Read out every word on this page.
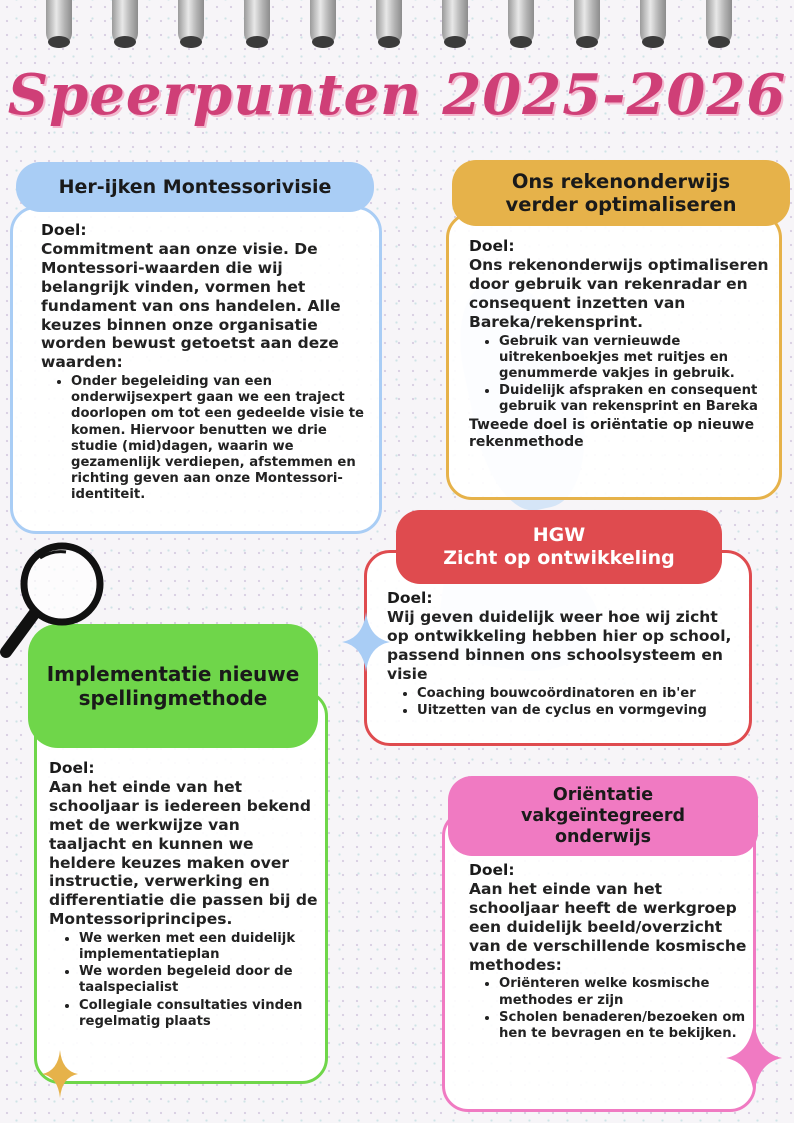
Speerpunten 2025-2026
Doel:
Commitment aan onze visie. De Montessori-waarden die wij belangrijk vinden, vormen het fundament van ons handelen. Alle keuzes binnen onze organisatie worden bewust getoetst aan deze waarden:
• Onder begeleiding van een onderwijsexpert gaan we een traject doorlopen om tot een gedeelde visie te komen. Hiervoor benutten we drie studie (mid)dagen, waarin we gezamenlijk verdiepen, afstemmen en richting geven aan onze Montessori-identiteit.
Her-ijken Montessorivisie
Doel:
Ons rekenonderwijs optimaliseren door gebruik van rekenradar en consequent inzetten van Bareka/rekensprint.
• Gebruik van vernieuwde uitrekenboekjes met ruitjes en genummerde vakjes in gebruik.
• Duidelijk afspraken en consequent gebruik van rekensprint en Bareka
Tweede doel is oriëntatie op nieuwe rekenmethode
Ons rekenonderwijs
verder optimaliseren
Doel:
Wij geven duidelijk weer hoe wij zicht op ontwikkeling hebben hier op school, passend binnen ons schoolsysteem en visie
• Coaching bouwcoördinatoren en ib'er
• Uitzetten van de cyclus en vormgeving
HGW
Zicht op ontwikkeling
Doel:
Aan het einde van het schooljaar is iedereen bekend met de werkwijze van taaljacht en kunnen we heldere keuzes maken over instructie, verwerking en differentiatie die passen bij de Montessoriprincipes.
• We werken met een duidelijk implementatieplan
• We worden begeleid door de taalspecialist
• Collegiale consultaties vinden regelmatig plaats
Implementatie nieuwe
spellingmethode
Doel:
Aan het einde van het schooljaar heeft de werkgroep een duidelijk beeld/overzicht van de verschillende kosmische methodes:
• Oriënteren welke kosmische methodes er zijn
• Scholen benaderen/bezoeken om hen te bevragen en te bekijken.
Oriëntatie
vakgeïntegreerd
onderwijs
